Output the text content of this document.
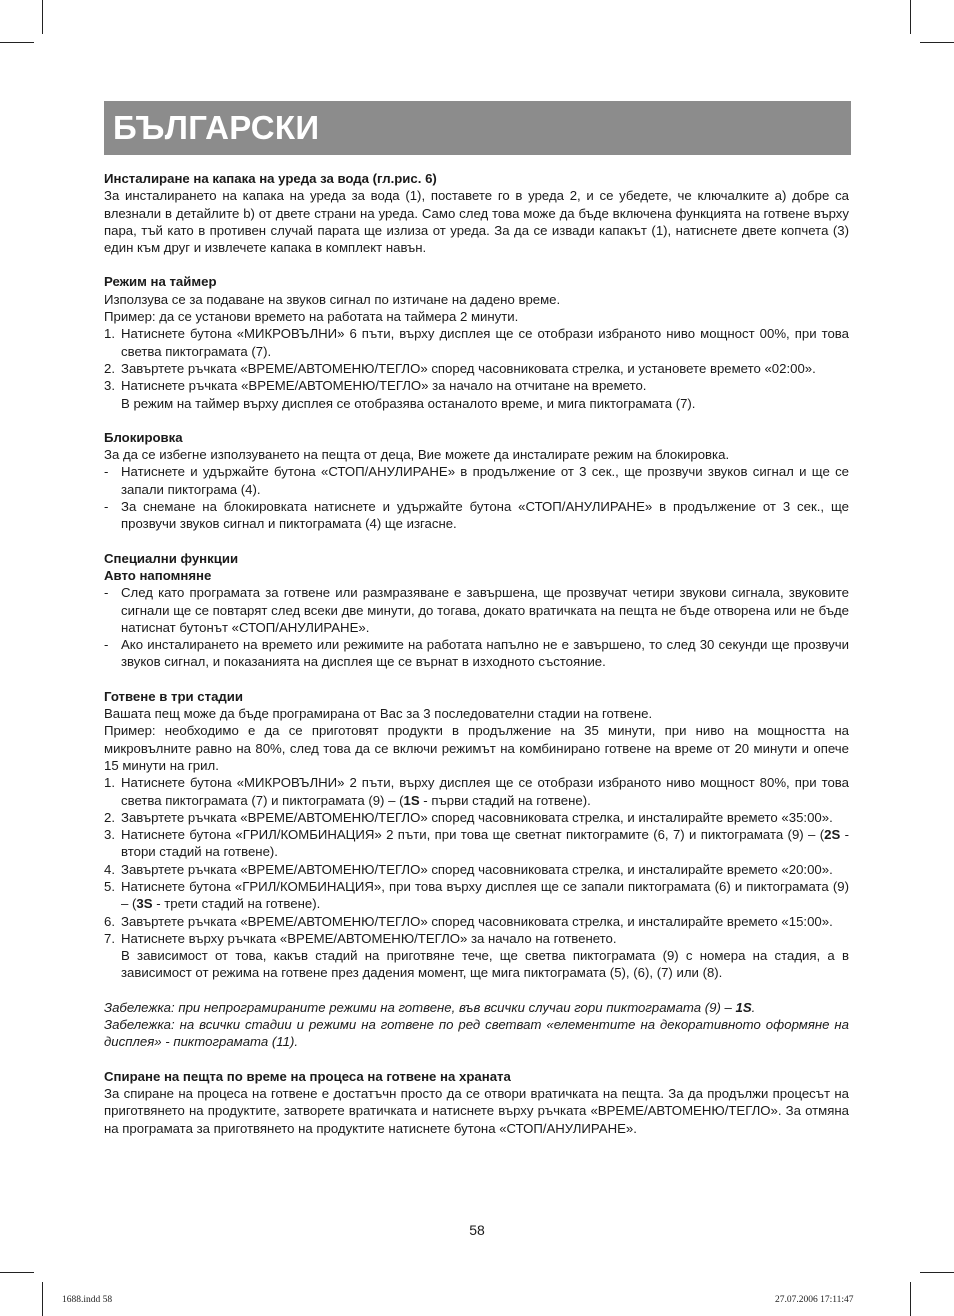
БЪЛГАРСКИ
Инсталиране на капака на уреда за вода (гл.рис. 6)

За инсталирането на капака на уреда за вода (1), поставете го в уреда 2, и се убедете, че ключалките а) добре са влезнали в детайлите b) от двете страни на уреда. Само след това може да бъде включена функцията на готвене върху пара, тъй като в противен случай парата ще излиза от уреда. За да се извади капакът (1), натиснете двете копчета (3) един към друг и извлечете капака в комплект навън.

Режим на таймер

Използува се за подаване на звуков сигнал по изтичане на дадено време.

Пример: да се установи времето на работата на таймера 2 минути.

1. Натиснете бутона «МИКРОВЪЛНИ» 6 пъти, върху дисплея ще се отобрази избраното ниво мощност 00%, при това светва пиктограмата (7).
2. Завъртете ръчката «ВРЕМЕ/АВТОМЕНЮ/ТЕГЛО» според часовниковата стрелка, и установете времето «02:00».
3. Натиснете ръчката «ВРЕМЕ/АВТОМЕНЮ/ТЕГЛО» за начало на отчитане на времето.
В режим на таймер върху дисплея се отобразява останалото време, и мига пиктограмата (7).
Блокировка

За да се избегне използуването на пещта от деца, Вие можете да инсталирате режим на блокировка.

- Натиснете и удържайте бутона «СТОП/АНУЛИРАНЕ» в продължение от 3 сек., ще прозвучи звуков сигнал и ще се запали пиктограма (4).
- За снемане на блокировката натиснете и удържайте бутона «СТОП/АНУЛИРАНЕ» в продължение от 3 сек., ще прозвучи звуков сигнал и пиктограмата (4) ще изгасне.
Специални функции
Авто напомняне
- След като програмата за готвене или размразяване е завършена, ще прозвучат четири звукови сигнала, звуковите сигнали ще се повтарят след всеки две минути, до тогава, докато вратичката на пещта не бъде отворена или не бъде натиснат бутонът «СТОП/АНУЛИРАНЕ».
- Ако инсталирането на времето или режимите на работата напълно не е завършено, то след 30 секунди ще прозвучи звуков сигнал, и показанията на дисплея ще се върнат в изходното състояние.
Готвене в три стадии

Вашата пещ може да бъде програмирана от Вас за 3 последователни стадии на готвене.

Пример: необходимо е да се приготовят продукти в продължение на 35 минути, при ниво на мощността на микровълните равно на 80%, след това да се включи режимът на комбинирано готвене на време от 20 минути и опече 15 минути на грил.

1. Натиснете бутона «МИКРОВЪЛНИ» 2 пъти, върху дисплея ще се отобрази избраното ниво мощност 80%, при това светва пиктограмата (7) и пиктограмата (9) – (1S - първи стадий на готвене).
2. Завъртете ръчката «ВРЕМЕ/АВТОМЕНЮ/ТЕГЛО» според часовниковата стрелка, и инсталирайте времето «35:00».
3. Натиснете бутона «ГРИЛ/КОМБИНАЦИЯ» 2 пъти, при това ще светнат пиктограмите (6, 7) и пиктограмата (9) – (2S - втори стадий на готвене).
4. Завъртете ръчката «ВРЕМЕ/АВТОМЕНЮ/ТЕГЛО» според часовниковата стрелка, и инсталирайте времето «20:00».
5. Натиснете бутона «ГРИЛ/КОМБИНАЦИЯ», при това върху дисплея ще се запали пиктограмата (6) и пиктограмата (9) – (3S - трети стадий на готвене).
6. Завъртете ръчката «ВРЕМЕ/АВТОМЕНЮ/ТЕГЛО» според часовниковата стрелка, и инсталирайте времето «15:00».
7. Натиснете върху ръчката «ВРЕМЕ/АВТОМЕНЮ/ТЕГЛО» за начало на готвенето.
В зависимост от това, какъв стадий на приготвяне тече, ще светва пиктограмата (9) с номера на стадия, а в зависимост от режима на готвене през дадения момент, ще мига пиктограмата (5), (6), (7) или (8).

Забележка: при непрограмираните режими на готвене, във всички случаи гори пиктограмата (9) – 1S.

Забележка: на всички стадии и режими на готвене по ред светват «елементите на декоративното оформяне на дисплея» - пиктограмата (11).

Спиране на пещта по време на процеса на готвене на храната

За спиране на процеса на готвене е достатъчн просто да се отвори вратичката на пещта. За да продължи процесът на приготвянето на продуктите, затворете вратичката и натиснете върху ръчката «ВРЕМЕ/АВТОМЕНЮ/ТЕГЛО». За отмяна на програмата за приготвянето на продуктите натиснете бутона «СТОП/АНУЛИРАНЕ».

58
1688.indd 58	27.07.2006 17:11:47
